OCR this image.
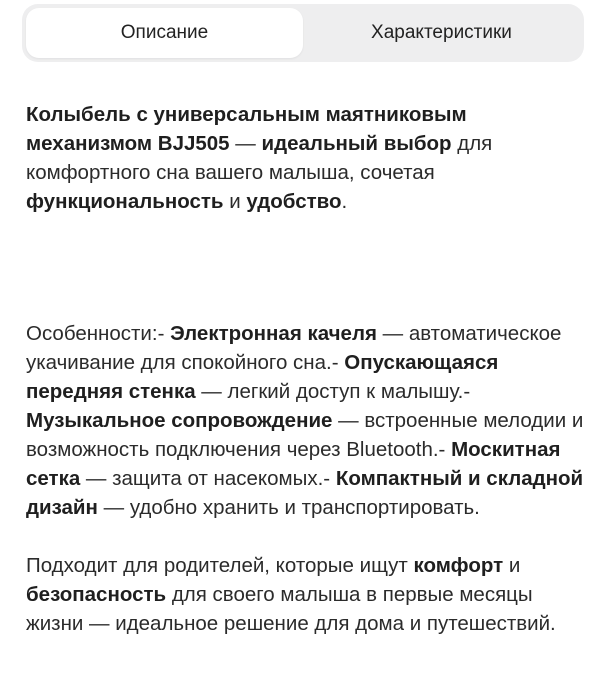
Описание	Характеристики

Колыбель с универсальным маятниковым механизмом BJJ505 — идеальный выбор для комфортного сна вашего малыша, сочетая функциональность и удобство.

Особенности:- Электронная качеля — автоматическое укачивание для спокойного сна.- Опускающаяся передняя стенка — легкий доступ к малышу.- Музыкальное сопровождение — встроенные мелодии и возможность подключения через Bluetooth.- Москитная сетка — защита от насекомых.- Компактный и складной дизайн — удобно хранить и транспортировать.

Подходит для родителей, которые ищут комфорт и безопасность для своего малыша в первые месяцы жизни — идеальное решение для дома и путешествий.
